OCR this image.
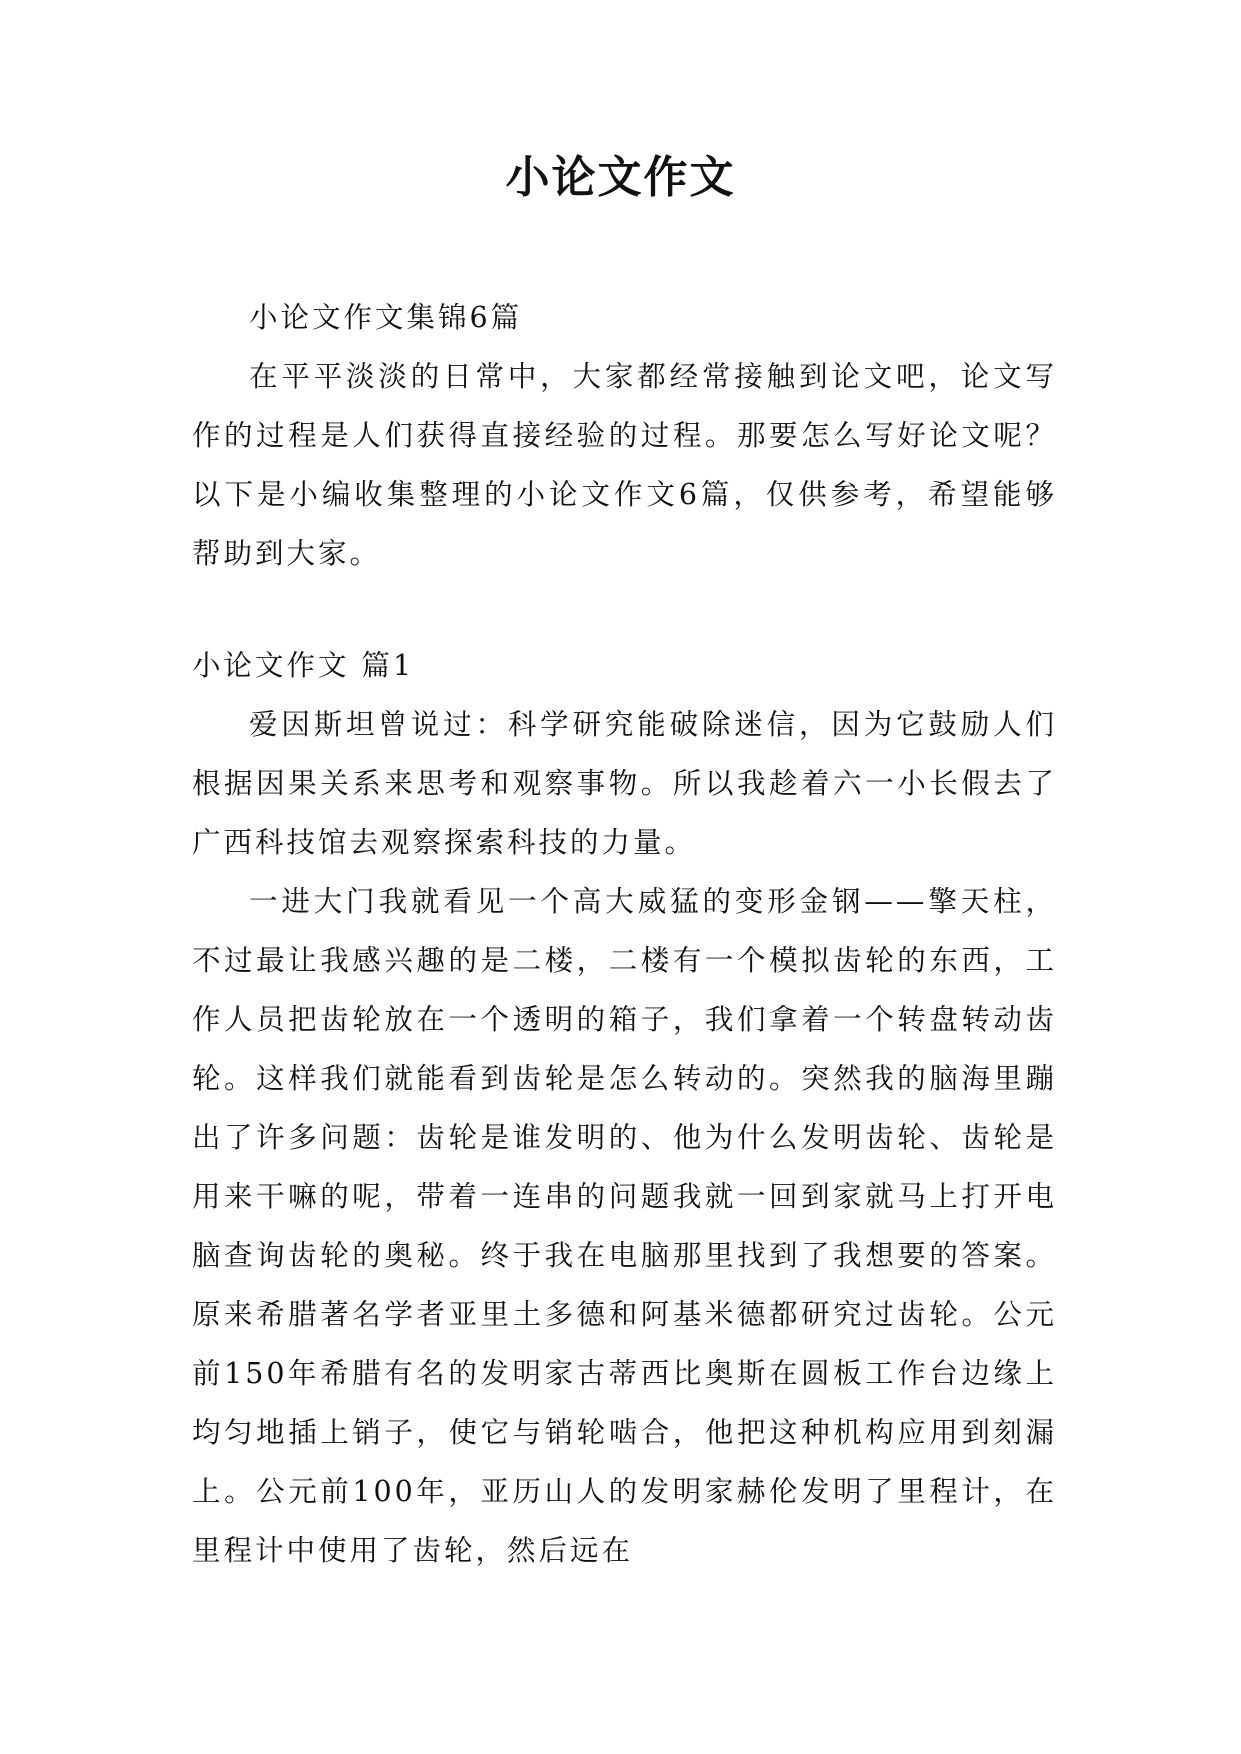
小论文作文

小论文作文集锦6篇

在平平淡淡的日常中，大家都经常接触到论文吧，论文写作的过程是人们获得直接经验的过程。那要怎么写好论文呢？以下是小编收集整理的小论文作文6篇，仅供参考，希望能够帮助到大家。

小论文作文 篇1

爱因斯坦曾说过：科学研究能破除迷信，因为它鼓励人们根据因果关系来思考和观察事物。所以我趁着六一小长假去了广西科技馆去观察探索科技的力量。

一进大门我就看见一个高大威猛的变形金钢——擎天柱，不过最让我感兴趣的是二楼，二楼有一个模拟齿轮的东西，工作人员把齿轮放在一个透明的箱子，我们拿着一个转盘转动齿轮。这样我们就能看到齿轮是怎么转动的。突然我的脑海里蹦出了许多问题：齿轮是谁发明的、他为什么发明齿轮、齿轮是用来干嘛的呢，带着一连串的问题我就一回到家就马上打开电脑查询齿轮的奥秘。终于我在电脑那里找到了我想要的答案。原来希腊著名学者亚里土多德和阿基米德都研究过齿轮。公元前150年希腊有名的发明家古蒂西比奥斯在圆板工作台边缘上均匀地插上销子，使它与销轮啮合，他把这种机构应用到刻漏上。公元前100年，亚历山人的发明家赫伦发明了里程计，在里程计中使用了齿轮，然后远在
